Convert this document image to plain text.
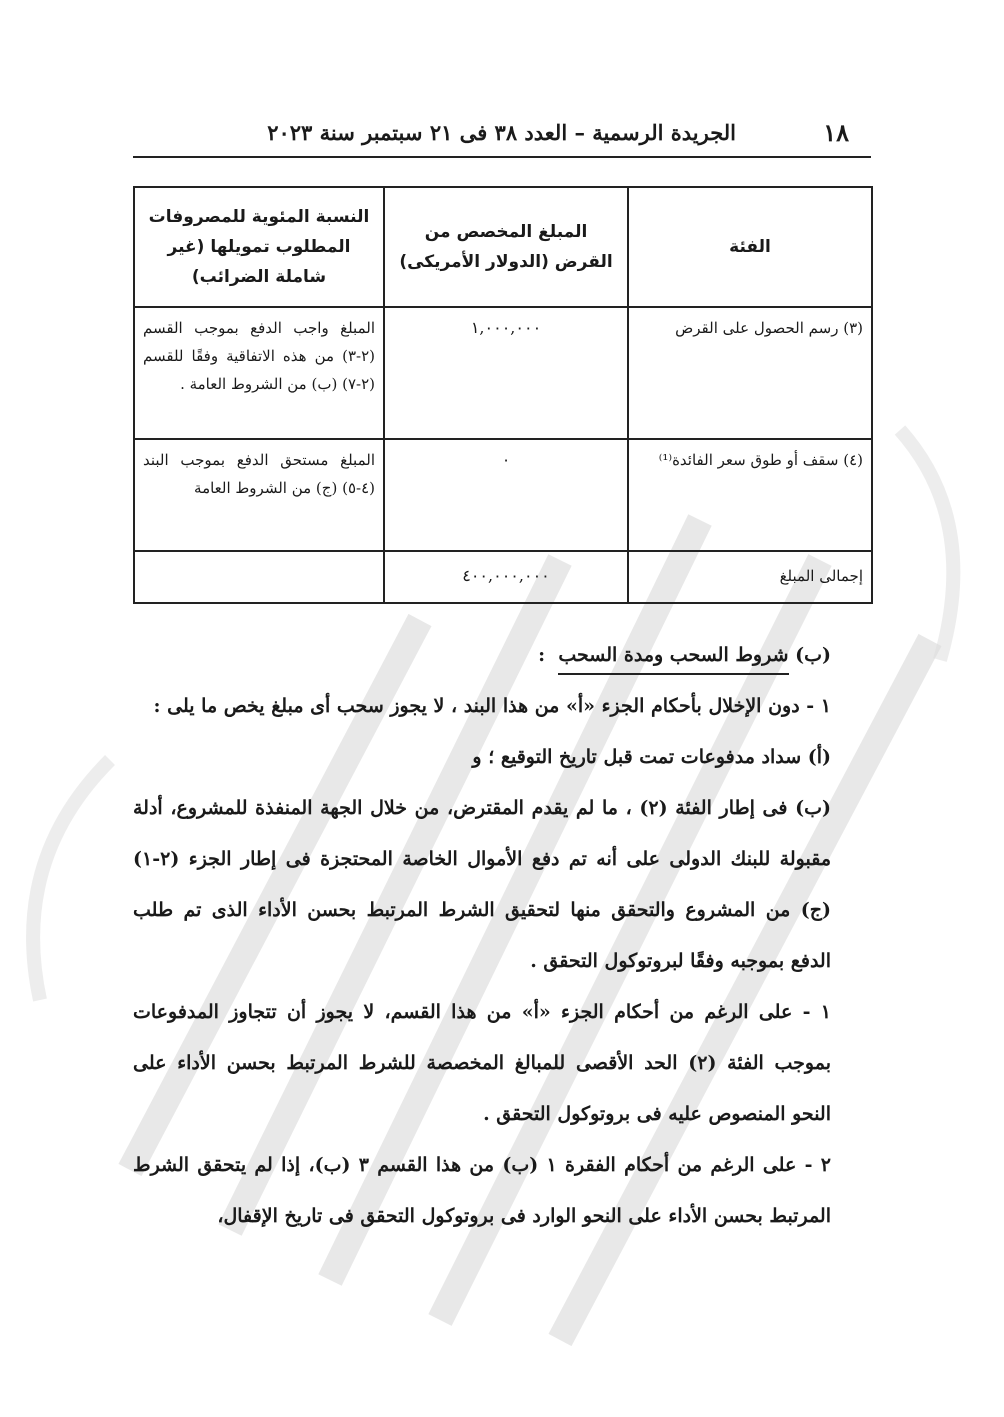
١٨
الجريدة الرسمية – العدد ٣٨ فى ٢١ سبتمبر سنة ٢٠٢٣
الفئة	المبلغ المخصص من القرض (الدولار الأمريكى)	النسبة المئوية للمصروفات المطلوب تمويلها (غير شاملة الضرائب)
(٣) رسم الحصول على القرض	١,٠٠٠,٠٠٠	المبلغ واجب الدفع بموجب القسم (٢-٣) من هذه الاتفاقية وفقًا للقسم (٢-٧) (ب) من الشروط العامة .
(٤) سقف أو طوق سعر الفائدة⁽¹⁾	٠	المبلغ مستحق الدفع بموجب البند (٤-٥) (ج) من الشروط العامة
إجمالى المبلغ	٤٠٠,٠٠٠,٠٠٠	

(ب) شروط السحب ومدة السحب  :

١ - دون الإخلال بأحكام الجزء «أ» من هذا البند ، لا يجوز سحب أى مبلغ يخص ما يلى :

(أ) سداد مدفوعات تمت قبل تاريخ التوقيع ؛ و

(ب) فى إطار الفئة (٢) ، ما لم يقدم المقترض، من خلال الجهة المنفذة للمشروع، أدلة مقبولة للبنك الدولى على أنه تم دفع الأموال الخاصة المحتجزة فى إطار الجزء (٢-١) (ج) من المشروع والتحقق منها لتحقيق الشرط المرتبط بحسن الأداء الذى تم طلب الدفع بموجبه وفقًا لبروتوكول التحقق .

١ - على الرغم من أحكام الجزء «أ» من هذا القسم، لا يجوز أن تتجاوز المدفوعات بموجب الفئة (٢) الحد الأقصى للمبالغ المخصصة للشرط المرتبط بحسن الأداء على النحو المنصوص عليه فى بروتوكول التحقق .

٢ - على الرغم من أحكام الفقرة ١ (ب) من هذا القسم ٣ (ب)، إذا لم يتحقق الشرط المرتبط بحسن الأداء على النحو الوارد فى بروتوكول التحقق فى تاريخ الإقفال،
